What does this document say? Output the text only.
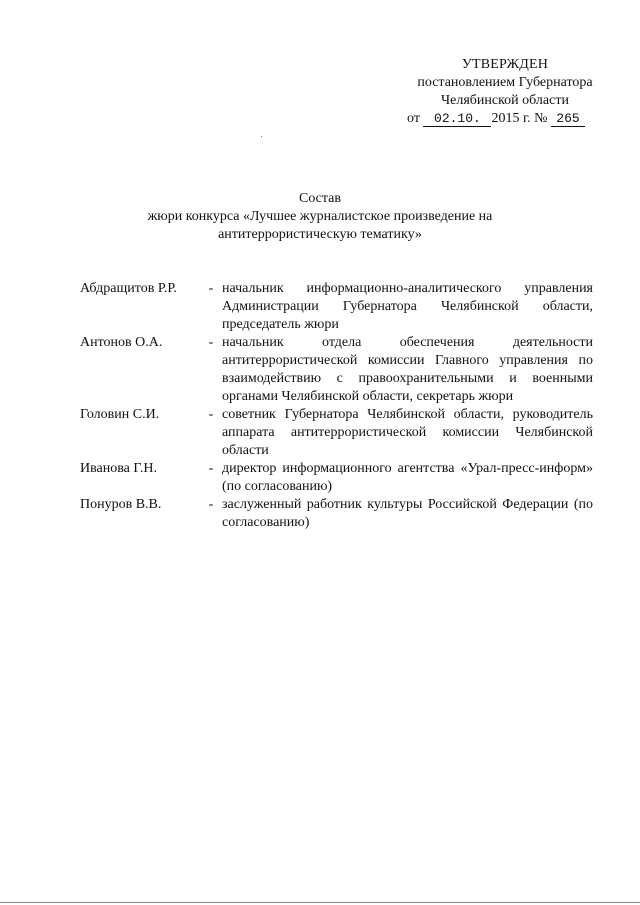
УТВЕРЖДЕН
постановлением Губернатора
Челябинской области
от 02.10. 2015 г. № 265
Состав
жюри конкурса «Лучшее журналистское произведение на
антитеррористическую тематику»
Абдращитов Р.Р.	- начальник информационно-аналитического управления Администрации Губернатора Челябинской области, председатель жюри
Антонов О.А.	- начальник отдела обеспечения деятельности антитеррористической комиссии Главного управления по взаимодействию с правоохранительными и военными органами Челябинской области, секретарь жюри
Головин С.И.	- советник Губернатора Челябинской области, руководитель аппарата антитеррористической комиссии Челябинской области
Иванова Г.Н.	- директор информационного агентства «Урал-пресс-информ» (по согласованию)
Понуров В.В.	- заслуженный работник культуры Российской Федерации (по согласованию)
